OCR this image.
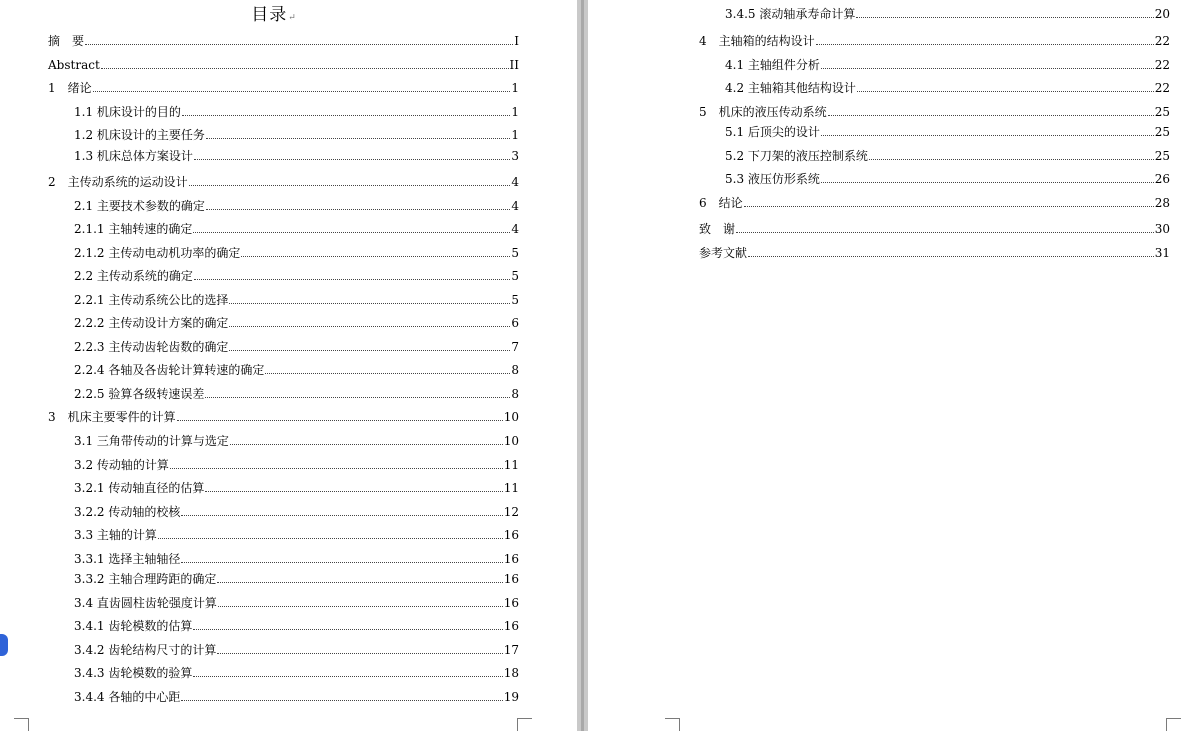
目录↵
摘　要	I
Abstract	II
1　绪论	1
1.1 机床设计的目的	1
1.2 机床设计的主要任务	1
1.3 机床总体方案设计	3
2　主传动系统的运动设计	4
2.1 主要技术参数的确定	4
2.1.1 主轴转速的确定	4
2.1.2 主传动电动机功率的确定	5
2.2 主传动系统的确定	5
2.2.1 主传动系统公比的选择	5
2.2.2 主传动设计方案的确定	6
2.2.3 主传动齿轮齿数的确定	7
2.2.4 各轴及各齿轮计算转速的确定	8
2.2.5 验算各级转速误差	8
3　机床主要零件的计算	10
3.1 三角带传动的计算与选定	10
3.2 传动轴的计算	11
3.2.1 传动轴直径的估算	11
3.2.2 传动轴的校核	12
3.3 主轴的计算	16
3.3.1 选择主轴轴径	16
3.3.2 主轴合理跨距的确定	16
3.4 直齿圆柱齿轮强度计算	16
3.4.1 齿轮模数的估算	16
3.4.2 齿轮结构尺寸的计算	17
3.4.3 齿轮模数的验算	18
3.4.4 各轴的中心距	19
3.4.5 滚动轴承寿命计算	20
4　主轴箱的结构设计	22
4.1 主轴组件分析	22
4.2 主轴箱其他结构设计	22
5　机床的液压传动系统	25
5.1 后顶尖的设计	25
5.2 下刀架的液压控制系统	25
5.3 液压仿形系统	26
6　结论	28
致　谢	30
参考文献	31
